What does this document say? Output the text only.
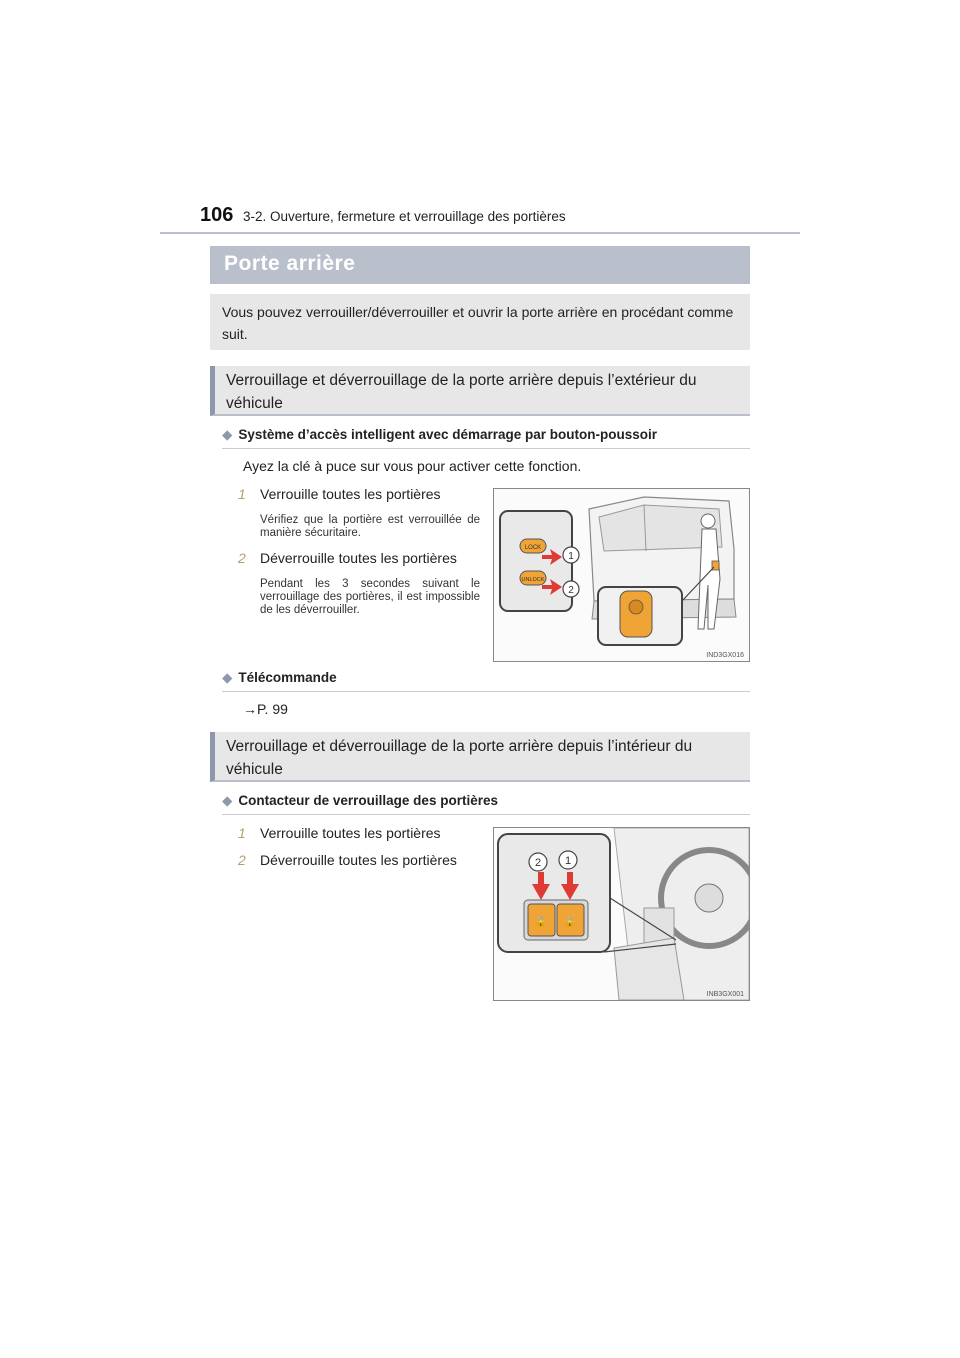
106 3-2. Ouverture, fermeture et verrouillage des portières
Porte arrière
Vous pouvez verrouiller/déverrouiller et ouvrir la porte arrière en procédant comme suit.
Verrouillage et déverrouillage de la porte arrière depuis l’extérieur du véhicule
◆ Système d’accès intelligent avec démarrage par bouton-poussoir
Ayez la clé à puce sur vous pour activer cette fonction.
1 Verrouille toutes les portières
Vérifiez que la portière est verrouillée de manière sécuritaire.
2 Déverrouille toutes les portières
Pendant les 3 secondes suivant le verrouillage des portières, il est impossible de les déverrouiller.
LOCK
UNLOCK
1
2
IND3GX016
◆ Télécommande
→P. 99
Verrouillage et déverrouillage de la porte arrière depuis l’intérieur du véhicule
◆ Contacteur de verrouillage des portières
1 Verrouille toutes les portières
2 Déverrouille toutes les portières
🔓 🔒
2 1
INB3GX001
